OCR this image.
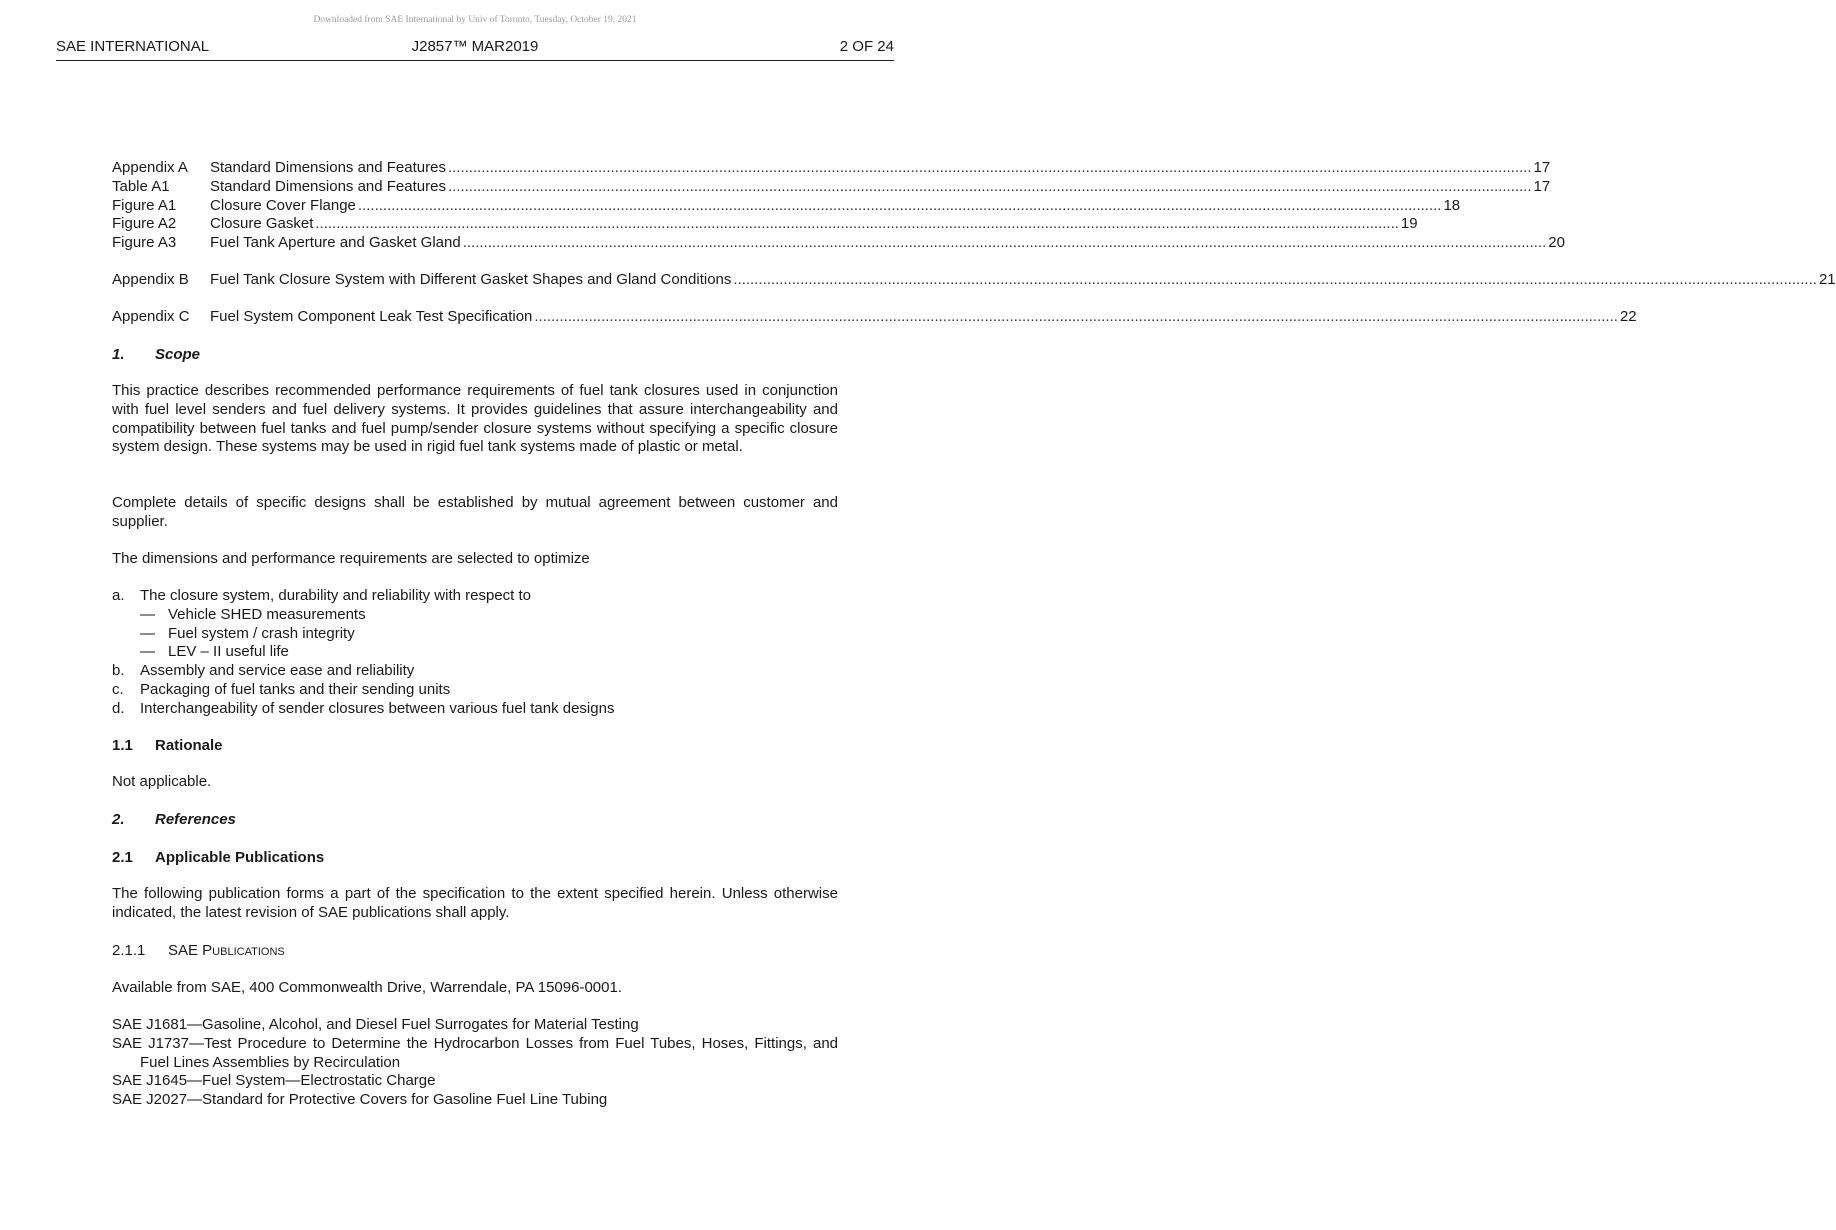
Downloaded from SAE International by Univ of Toronto, Tuesday, October 19, 2021
SAE INTERNATIONAL	J2857™ MAR2019	2 OF 24
Appendix A Standard Dimensions and Features .................................................................................................................................................................................................................................................................... 17
Table A1	Standard Dimensions and Features .................................................................................................................................................................................................................................................................... 17
Figure A1 Closure Cover Flange .................................................................................................................................................................................................................................................................... 18
Figure A2 Closure Gasket .................................................................................................................................................................................................................................................................... 19
Figure A3 Fuel Tank Aperture and Gasket Gland .................................................................................................................................................................................................................................................................... 20
Appendix B Fuel Tank Closure System with Different Gasket Shapes and Gland Conditions .................................................................................................................................................................................................................................................................... 21
Appendix C Fuel System Component Leak Test Specification .................................................................................................................................................................................................................................................................... 22
1. Scope
This practice describes recommended performance requirements of fuel tank closures used in conjunction with fuel level senders and fuel delivery systems. It provides guidelines that assure interchangeability and compatibility between fuel tanks and fuel pump/sender closure systems without specifying a specific closure system design. These systems may be used in rigid fuel tank systems made of plastic or metal.
Complete details of specific designs shall be established by mutual agreement between customer and supplier.
The dimensions and performance requirements are selected to optimize
a. The closure system, durability and reliability with respect to
— Vehicle SHED measurements
— Fuel system / crash integrity
— LEV – II useful life
b. Assembly and service ease and reliability
c. Packaging of fuel tanks and their sending units
d. Interchangeability of sender closures between various fuel tank designs
1.1 Rationale
Not applicable.
2. References
2.1 Applicable Publications
The following publication forms a part of the specification to the extent specified herein. Unless otherwise indicated, the latest revision of SAE publications shall apply.
2.1.1 SAE Publications
Available from SAE, 400 Commonwealth Drive, Warrendale, PA 15096-0001.
SAE J1681—Gasoline, Alcohol, and Diesel Fuel Surrogates for Material Testing
SAE J1737—Test Procedure to Determine the Hydrocarbon Losses from Fuel Tubes, Hoses, Fittings, and Fuel Lines Assemblies by Recirculation
SAE J1645—Fuel System—Electrostatic Charge
SAE J2027—Standard for Protective Covers for Gasoline Fuel Line Tubing
